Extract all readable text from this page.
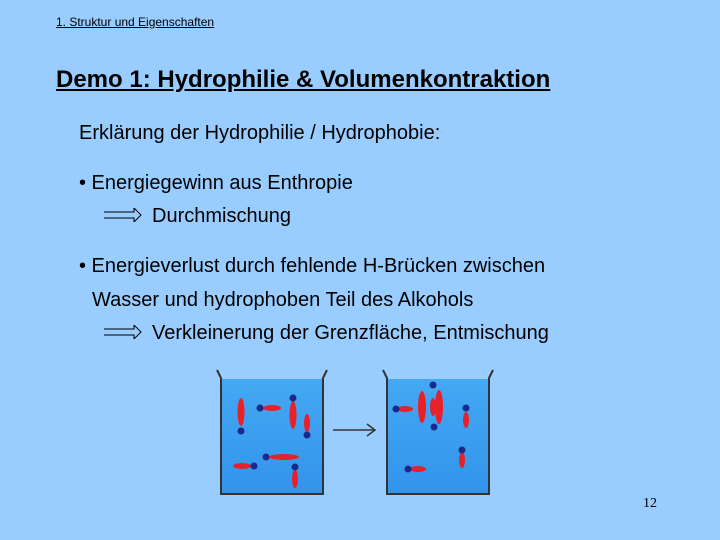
1. Struktur und Eigenschaften
Demo 1: Hydrophilie & Volumenkontraktion
Erklärung der Hydrophilie / Hydrophobie:
• Energiegewinn aus Enthropie
Durchmischung
• Energieverlust durch fehlende H-Brücken zwischen
Wasser und hydrophoben Teil des Alkohols
Verkleinerung der Grenzfläche, Entmischung
12
